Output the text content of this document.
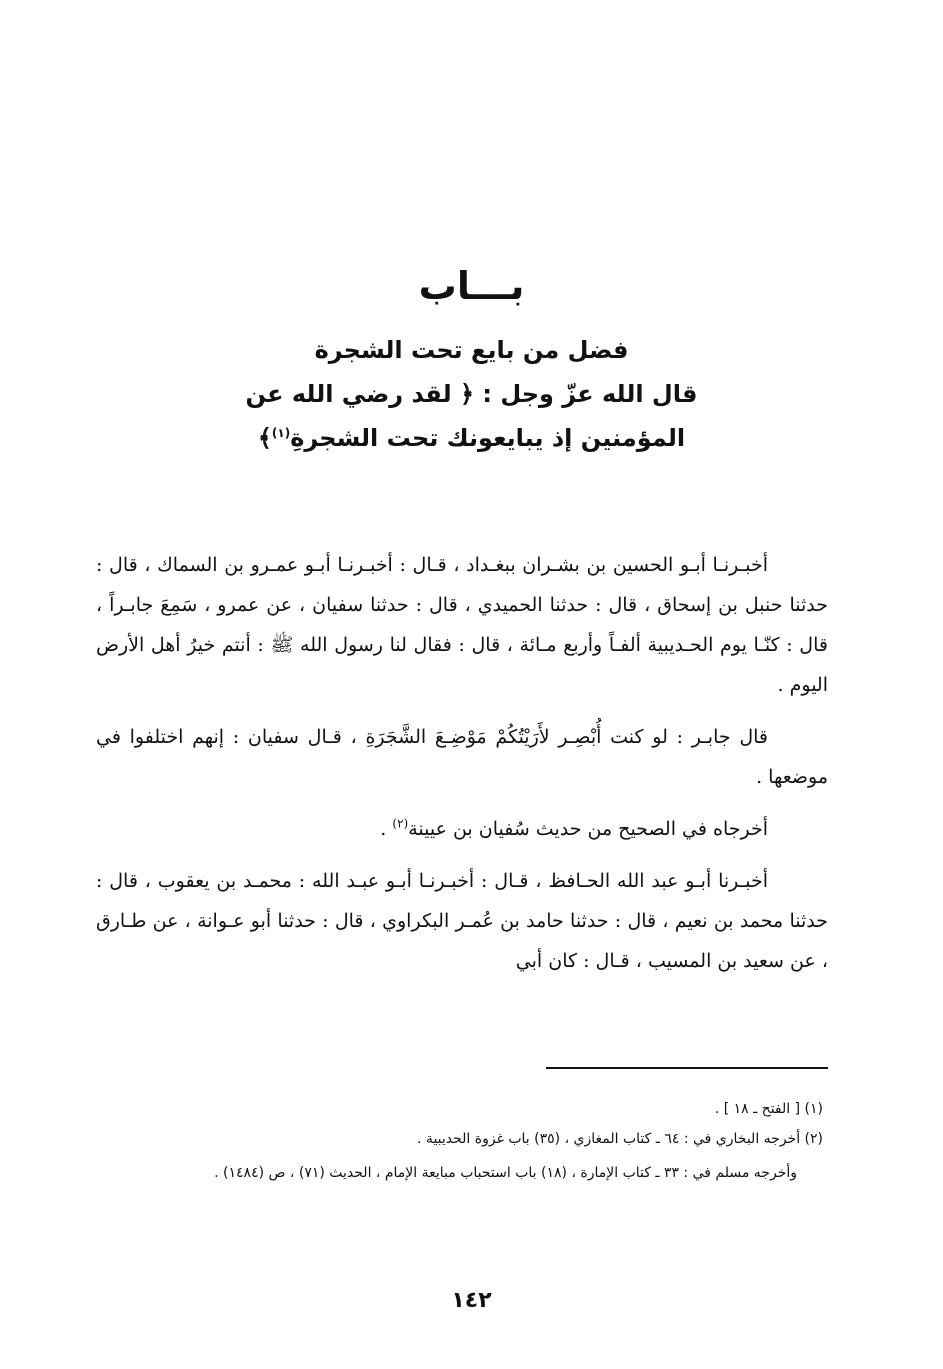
بـــاب
فضل من بايع تحت الشجرة
قال الله عزّ وجل : ﴿ لقد رضي الله عن
المؤمنين إذ يبايعونك تحت الشجرةِ$^{(١)}$﴾

أخبـرنـا أبـو الحسين بن بشـران ببغـداد ، قـال : أخبـرنـا أبـو عمـرو بن السماك ، قال : حدثنا حنبل بن إسحاق ، قال : حدثنا الحميدي ، قال : حدثنا سفيان ، عن عمرو ، سَمِعَ جابـراً ، قال : كنّـا يوم الحـديبية ألفـاً وأربع مـائة ، قال : فقال لنا رسول الله ﷺ : أنتم خيرُ أهل الأرض اليوم .

قال جابـر : لو كنت أُبْصِـر لأَرَيْتُكُمْ مَوْضِـعَ الشَّجَرَةِ ، قـال سفيان : إنهم اختلفوا في موضعها .

أخرجاه في الصحيح من حديث سُفيان بن عيينة$^{(٢)}$ .

أخبـرنا أبـو عبد الله الحـافظ ، قـال : أخبـرنـا أبـو عبـد الله : محمـد بن يعقوب ، قال : حدثنا محمد بن نعيم ، قال : حدثنا حامد بن عُمـر البكراوي ، قال : حدثنا أبو عـوانة ، عن طـارق ، عن سعيد بن المسيب ، قـال : كان أبي

(١) [ الفتح ـ ١٨ ] .

(٢) أخرجه البخاري في : ٦٤ ـ كتاب المغازي ، (٣٥) باب غزوة الحديبية .

وأخرجه مسلم في : ٣٣ ـ كتاب الإمارة ، (١٨) باب استحباب مبايعة الإمام ، الحديث (٧١) ، ص (١٤٨٤) .

١٤٢
